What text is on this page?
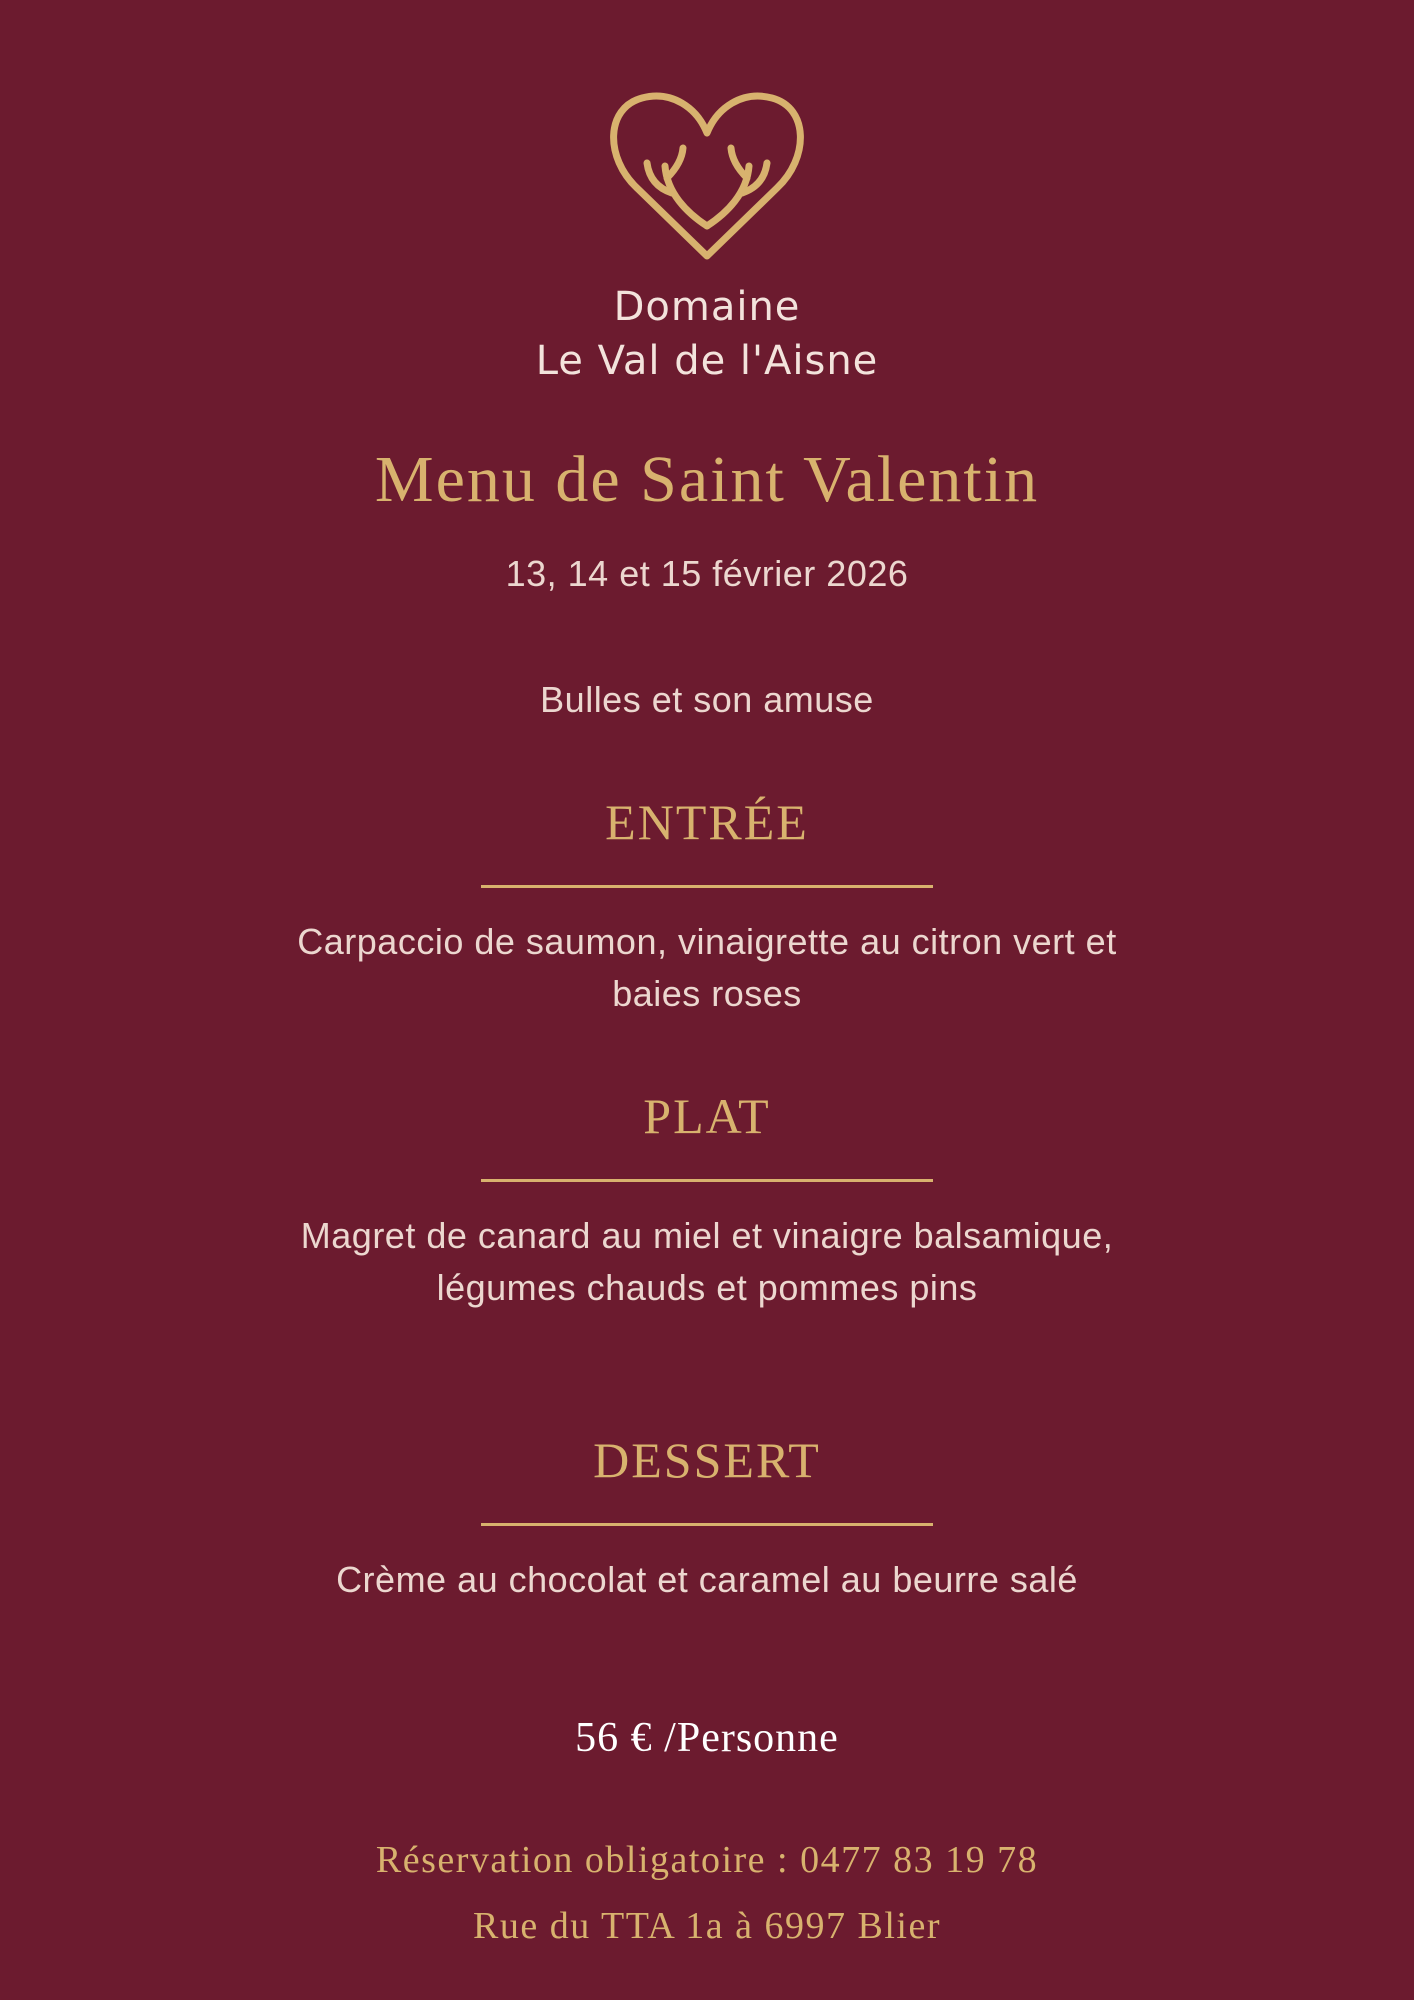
Domaine

Le Val de l'Aisne

Menu de Saint Valentin

13, 14 et 15 février 2026

Bulles et son amuse

ENTRÉE

Carpaccio de saumon, vinaigrette au citron vert et baies roses

PLAT

Magret de canard au miel et vinaigre balsamique, légumes chauds et pommes pins

DESSERT

Crème au chocolat et caramel au beurre salé

56 € /Personne

Réservation obligatoire : 0477 83 19 78

Rue du TTA 1a à 6997 Blier
